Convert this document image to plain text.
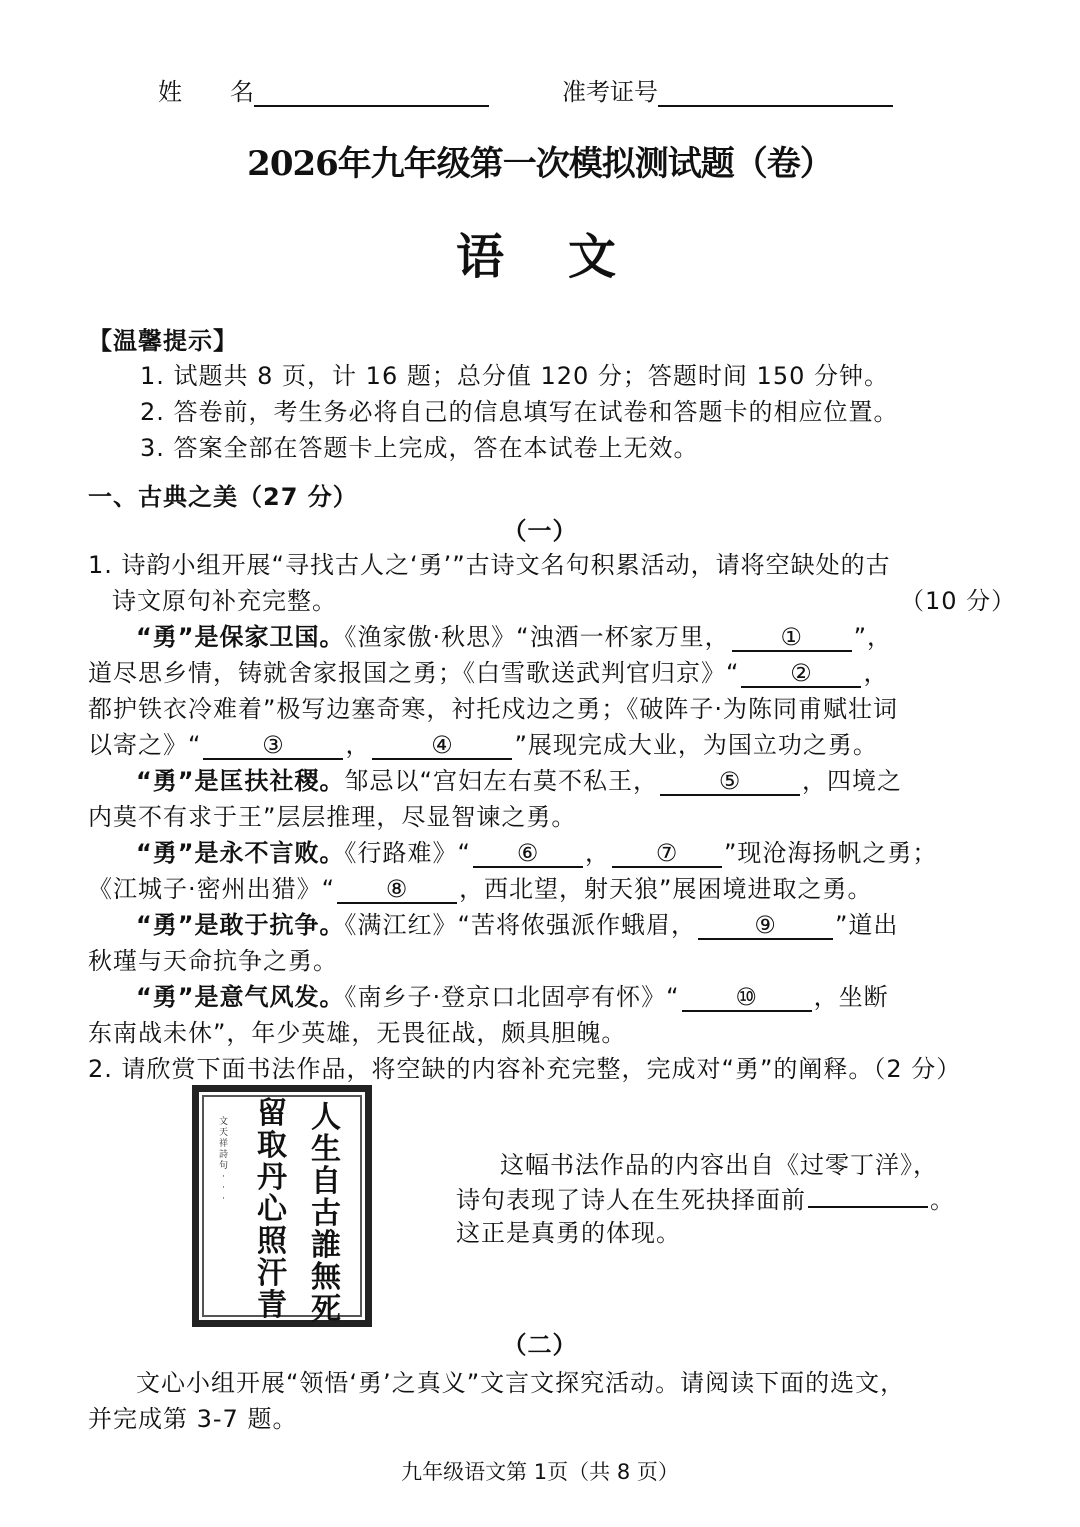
姓　　名	准考证号
2026年九年级第一次模拟测试题（卷）
语　文
【温馨提示】
1. 试题共 8 页，计 16 题；总分值 120 分；答题时间 150 分钟。
2. 答卷前，考生务必将自己的信息填写在试卷和答题卡的相应位置。
3. 答案全部在答题卡上完成，答在本试卷上无效。
一、古典之美（27 分）
（一）
1. 诗韵小组开展“寻找古人之‘勇’”古诗文名句积累活动，请将空缺处的古
诗文原句补充完整。	（10 分）
“勇”是保家卫国。《渔家傲·秋思》“浊酒一杯家万里， ① ”，
道尽思乡情，铸就舍家报国之勇；《白雪歌送武判官归京》“ ② ，
都护铁衣冷难着”极写边塞奇寒，衬托戍边之勇；《破阵子·为陈同甫赋壮词
以寄之》“	③	，	④	”展现完成大业，为国立功之勇。
“勇”是匡扶社稷。邹忌以“宫妇左右莫不私王，	⑤	，四境之
内莫不有求于王”层层推理，尽显智谏之勇。
“勇”是永不言败。《行路难》“ ⑥ ， ⑦ ”现沧海扬帆之勇；
《江城子·密州出猎》“ ⑧ ，西北望，射天狼”展困境进取之勇。
“勇”是敢于抗争。《满江红》“苦将侬强派作蛾眉， ⑨ ”道出
秋瑾与天命抗争之勇。
“勇”是意气风发。《南乡子·登京口北固亭有怀》“ ⑩ ，坐断
东南战未休”，年少英雄，无畏征战，颇具胆魄。
2. 请欣赏下面书法作品，将空缺的内容补充完整，完成对“勇”的阐释。（2 分）
人
生
自
古
誰
無
死
留
取
丹
心
照
汗
青
文
天
祥
詩
句
·
·
·
这幅书法作品的内容出自《过零丁洋》，
诗句表现了诗人在生死抉择面前	。
这正是真勇的体现。
（二）
文心小组开展“领悟‘勇’之真义”文言文探究活动。请阅读下面的选文，
并完成第 3-7 题。
九年级语文第 1页（共 8 页）
